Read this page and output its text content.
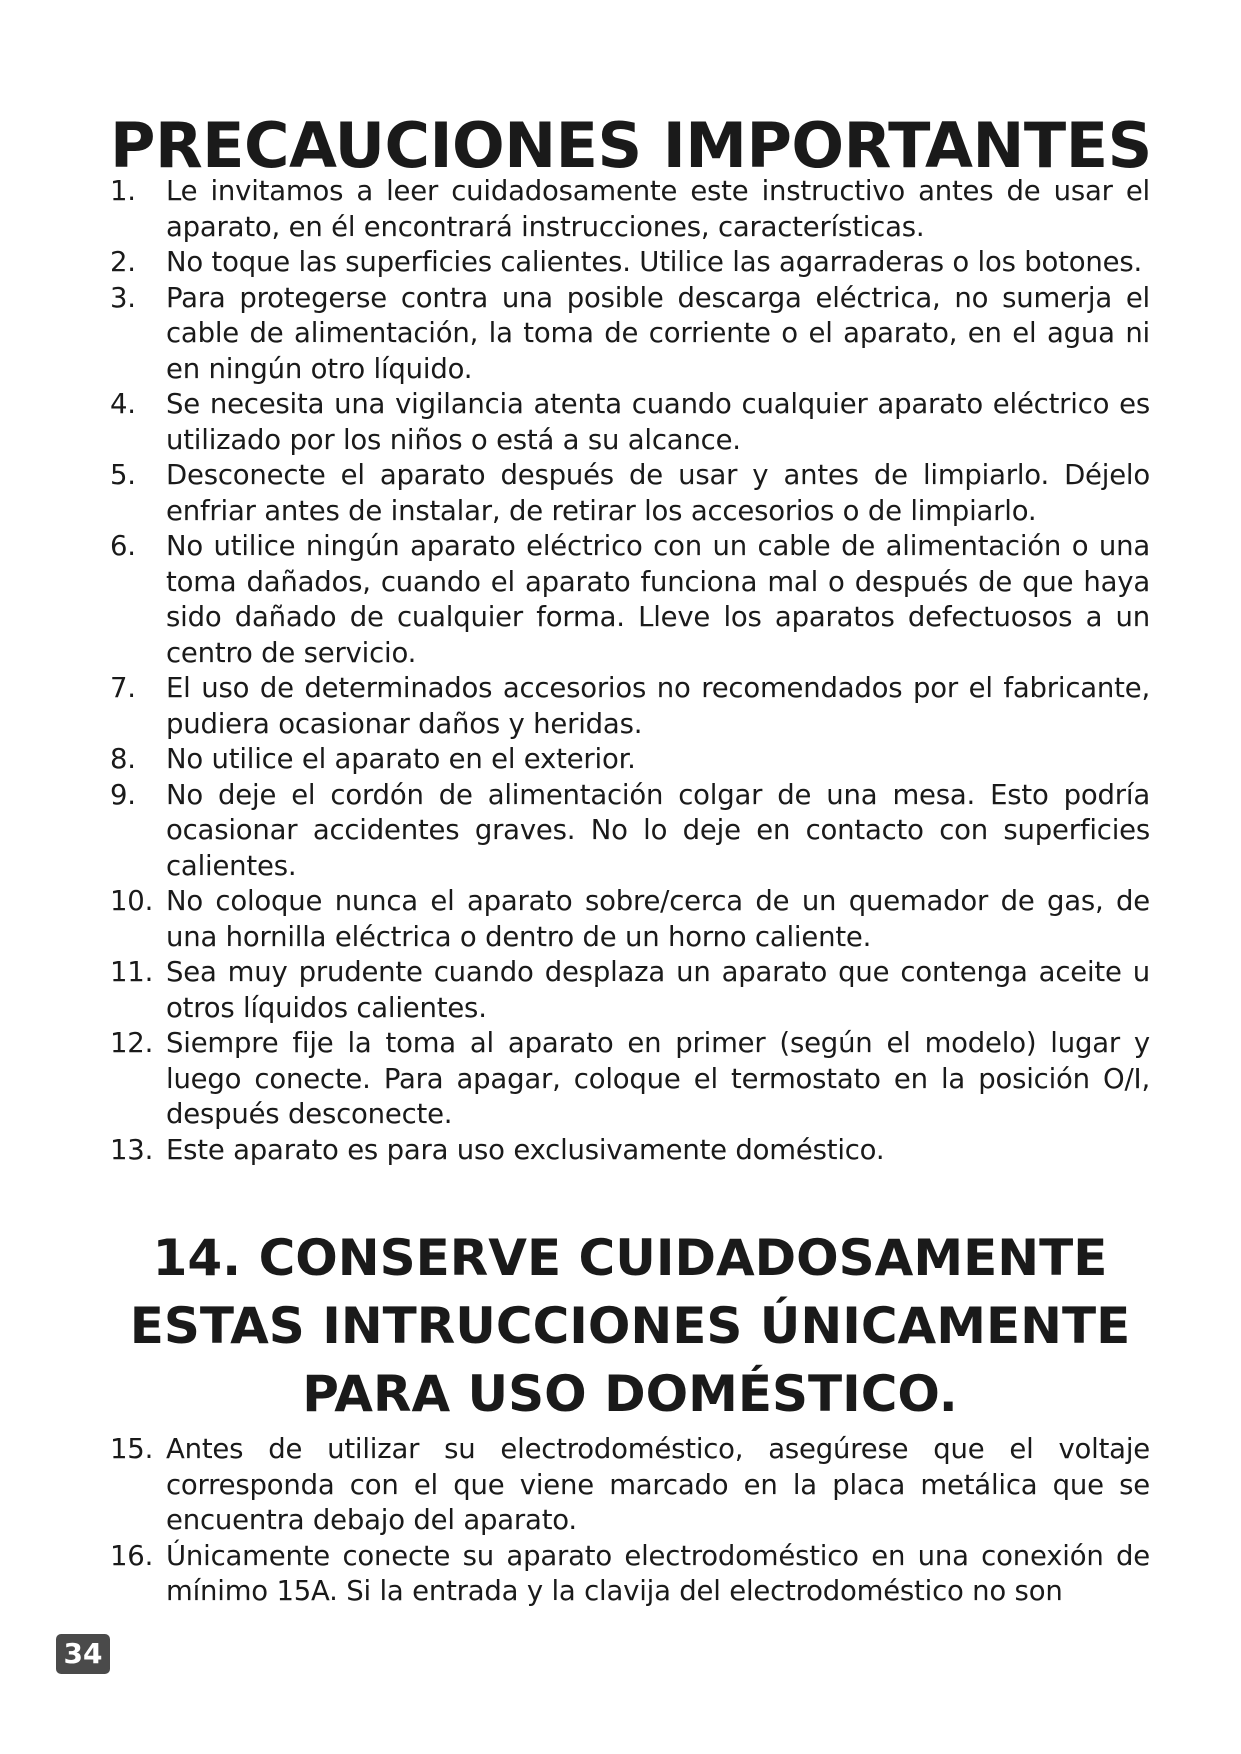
PRECAUCIONES IMPORTANTES
1. Le invitamos a leer cuidadosamente este instructivo antes de usar el aparato, en él encontrará instrucciones, características.
2. No toque las superficies calientes. Utilice las agarraderas o los botones.
3. Para protegerse contra una posible descarga eléctrica, no sumerja el cable de alimentación, la toma de corriente o el aparato, en el agua ni en ningún otro líquido.
4. Se necesita una vigilancia atenta cuando cualquier aparato eléctrico es utilizado por los niños o está a su alcance.
5. Desconecte el aparato después de usar y antes de limpiarlo. Déjelo enfriar antes de instalar, de retirar los accesorios o de limpiarlo.
6. No utilice ningún aparato eléctrico con un cable de alimentación o una toma dañados, cuando el aparato funciona mal o después de que haya sido dañado de cualquier forma. Lleve los aparatos defectuosos a un centro de servicio.
7. El uso de determinados accesorios no recomendados por el fabricante, pudiera ocasionar daños y heridas.
8. No utilice el aparato en el exterior.
9. No deje el cordón de alimentación colgar de una mesa. Esto podría ocasionar accidentes graves. No lo deje en contacto con superficies calientes.
10. No coloque nunca el aparato sobre/cerca de un quemador de gas, de una hornilla eléctrica o dentro de un horno caliente.
11. Sea muy prudente cuando desplaza un aparato que contenga aceite u otros líquidos calientes.
12. Siempre fije la toma al aparato en primer (según el modelo) lugar y luego conecte. Para apagar, coloque el termostato en la posición O/I, después desconecte.
13. Este aparato es para uso exclusivamente doméstico.
14. CONSERVE CUIDADOSAMENTE
ESTAS INTRUCCIONES ÚNICAMENTE
PARA USO DOMÉSTICO.
15. Antes de utilizar su electrodoméstico, asegúrese que el voltaje corresponda con el que viene marcado en la placa metálica que se encuentra debajo del aparato.
16. Únicamente conecte su aparato electrodoméstico en una conexión de mínimo 15A. Si la entrada y la clavija del electrodoméstico no son
34
